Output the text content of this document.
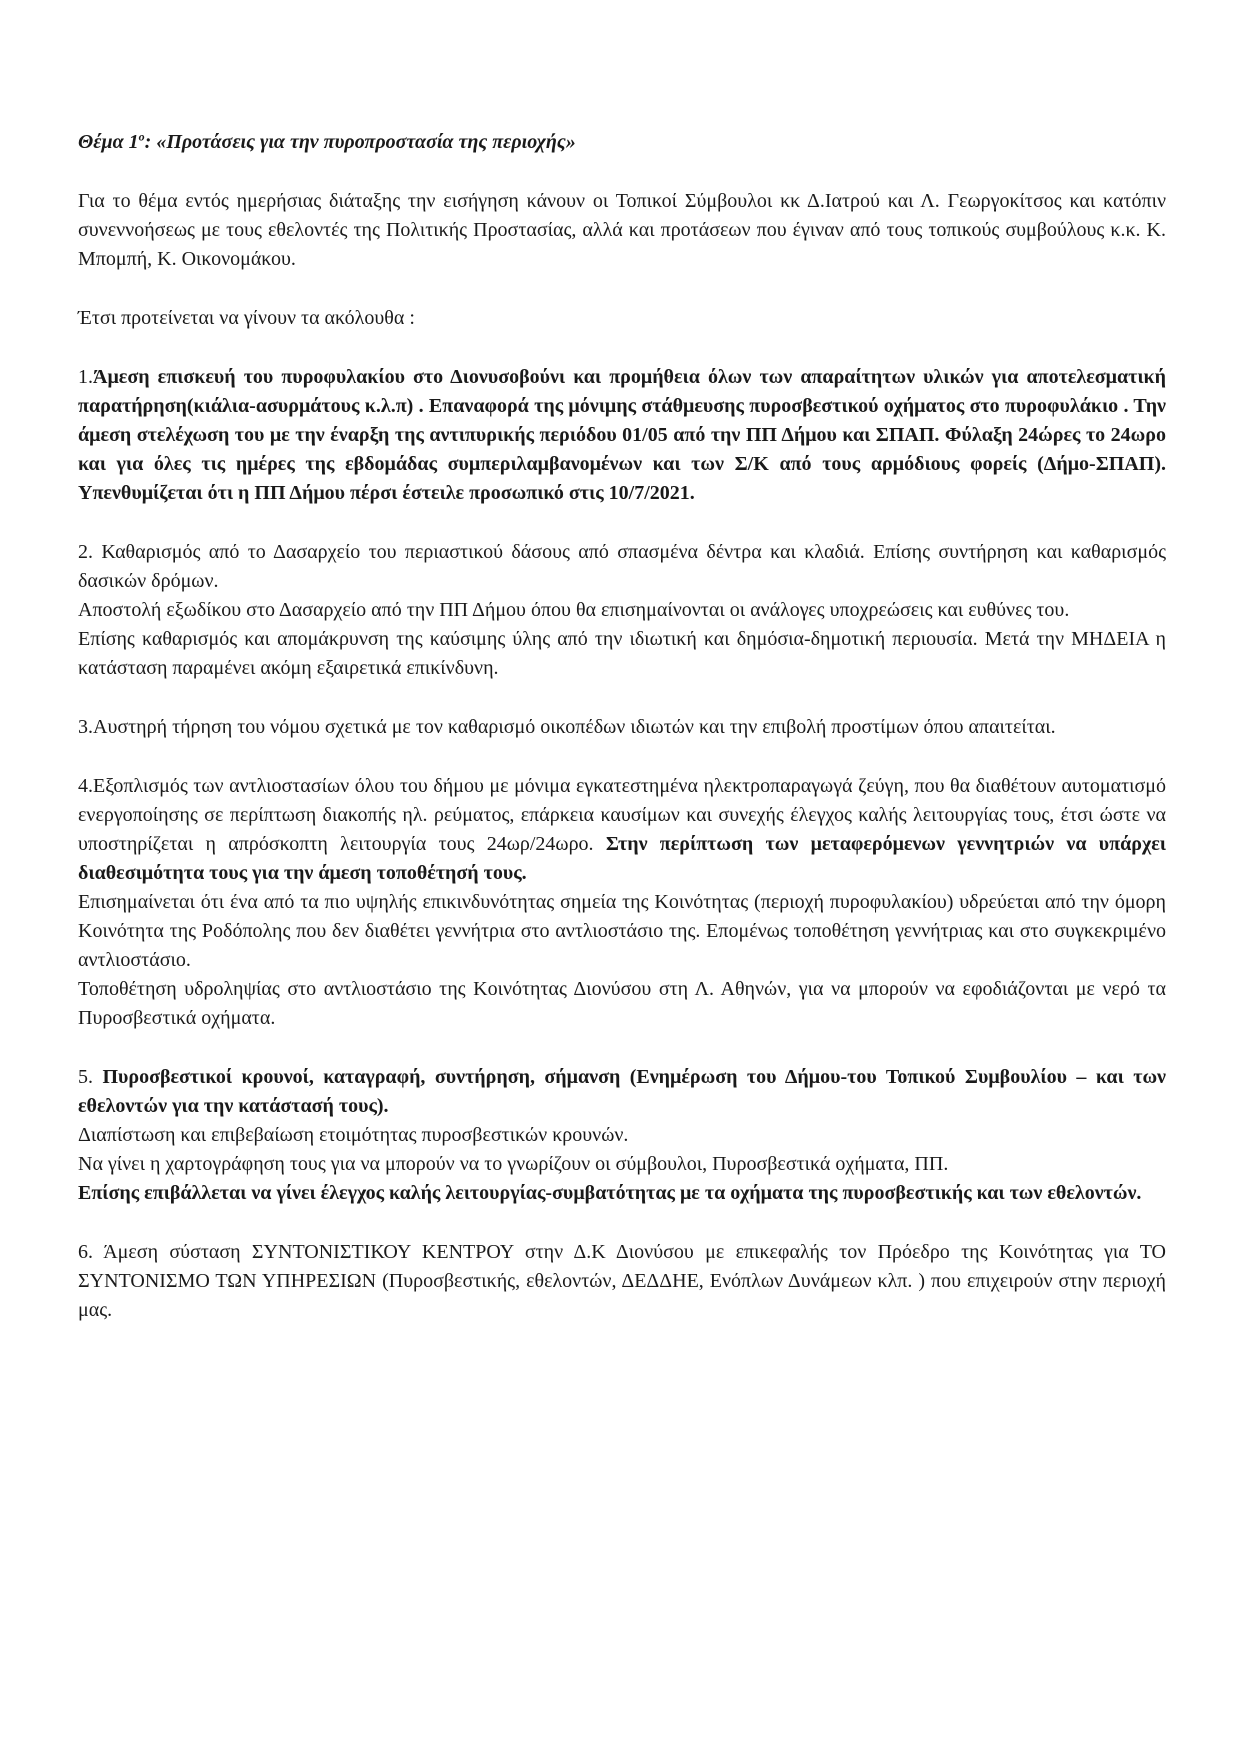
Θέμα $1^o$: «Προτάσεις για την πυροπροστασία της περιοχής»

Για το θέμα εντός ημερήσιας διάταξης την εισήγηση κάνουν οι Τοπικοί Σύμβουλοι κκ Δ.Ιατρού και Λ. Γεωργοκίτσος και κατόπιν συνεννοήσεως με τους εθελοντές της Πολιτικής Προστασίας, αλλά και προτάσεων που έγιναν από τους τοπικούς συμβούλους κ.κ. Κ. Μπομπή, Κ. Οικονομάκου.

Έτσι προτείνεται να γίνουν τα ακόλουθα :

1.Άμεση επισκευή του πυροφυλακίου στο Διονυσοβούνι και προμήθεια όλων των απαραίτητων υλικών για αποτελεσματική παρατήρηση(κιάλια-ασυρμάτους κ.λ.π) . Επαναφορά της μόνιμης στάθμευσης πυροσβεστικού οχήματος στο πυροφυλάκιο . Την άμεση στελέχωση του με την έναρξη της αντιπυρικής περιόδου 01/05 από την ΠΠ Δήμου και ΣΠΑΠ. Φύλαξη 24ώρες το 24ωρο και για όλες τις ημέρες της εβδομάδας συμπεριλαμβανομένων και των Σ/Κ από τους αρμόδιους φορείς (Δήμο-ΣΠΑΠ). Υπενθυμίζεται ότι η ΠΠ Δήμου πέρσι έστειλε προσωπικό στις 10/7/2021.

2. Καθαρισμός από το Δασαρχείο του περιαστικού δάσους από σπασμένα δέντρα και κλαδιά. Επίσης συντήρηση και καθαρισμός δασικών δρόμων.

Αποστολή εξωδίκου στο Δασαρχείο από την ΠΠ Δήμου όπου θα επισημαίνονται οι ανάλογες υποχρεώσεις και ευθύνες του.

Επίσης καθαρισμός και απομάκρυνση της καύσιμης ύλης από την ιδιωτική και δημόσια-δημοτική περιουσία. Μετά την ΜΗΔΕΙΑ η κατάσταση παραμένει ακόμη εξαιρετικά επικίνδυνη.

3.Αυστηρή τήρηση του νόμου σχετικά με τον καθαρισμό οικοπέδων ιδιωτών και την επιβολή προστίμων όπου απαιτείται.

4.Εξοπλισμός των αντλιοστασίων όλου του δήμου με μόνιμα εγκατεστημένα ηλεκτροπαραγωγά ζεύγη, που θα διαθέτουν αυτοματισμό ενεργοποίησης σε περίπτωση διακοπής ηλ. ρεύματος, επάρκεια καυσίμων και συνεχής έλεγχος καλής λειτουργίας τους, έτσι ώστε να υποστηρίζεται η απρόσκοπτη λειτουργία τους 24ωρ/24ωρο. Στην περίπτωση των μεταφερόμενων γεννητριών να υπάρχει διαθεσιμότητα τους για την άμεση τοποθέτησή τους.

Επισημαίνεται ότι ένα από τα πιο υψηλής επικινδυνότητας σημεία της Κοινότητας (περιοχή πυροφυλακίου) υδρεύεται από την όμορη Κοινότητα της Ροδόπολης που δεν διαθέτει γεννήτρια στο αντλιοστάσιο της. Επομένως τοποθέτηση γεννήτριας και στο συγκεκριμένο αντλιοστάσιο.

Τοποθέτηση υδροληψίας στο αντλιοστάσιο της Κοινότητας Διονύσου στη Λ. Αθηνών, για να μπορούν να εφοδιάζονται με νερό τα Πυροσβεστικά οχήματα.

5. Πυροσβεστικοί κρουνοί, καταγραφή, συντήρηση, σήμανση (Ενημέρωση του Δήμου-του Τοπικού Συμβουλίου – και των εθελοντών για την κατάστασή τους).

Διαπίστωση και επιβεβαίωση ετοιμότητας πυροσβεστικών κρουνών.

Να γίνει η χαρτογράφηση τους για να μπορούν να το γνωρίζουν οι σύμβουλοι, Πυροσβεστικά οχήματα, ΠΠ.

Επίσης επιβάλλεται να γίνει έλεγχος καλής λειτουργίας-συμβατότητας με τα οχήματα της πυροσβεστικής και των εθελοντών.

6. Άμεση σύσταση ΣΥΝΤΟΝΙΣΤΙΚΟΥ ΚΕΝΤΡΟΥ στην Δ.Κ Διονύσου με επικεφαλής τον Πρόεδρο της Κοινότητας για ΤΟ ΣΥΝΤΟΝΙΣΜΟ ΤΩΝ ΥΠΗΡΕΣΙΩΝ (Πυροσβεστικής, εθελοντών, ΔΕΔΔΗΕ, Ενόπλων Δυνάμεων κλπ. ) που επιχειρούν στην περιοχή μας.
